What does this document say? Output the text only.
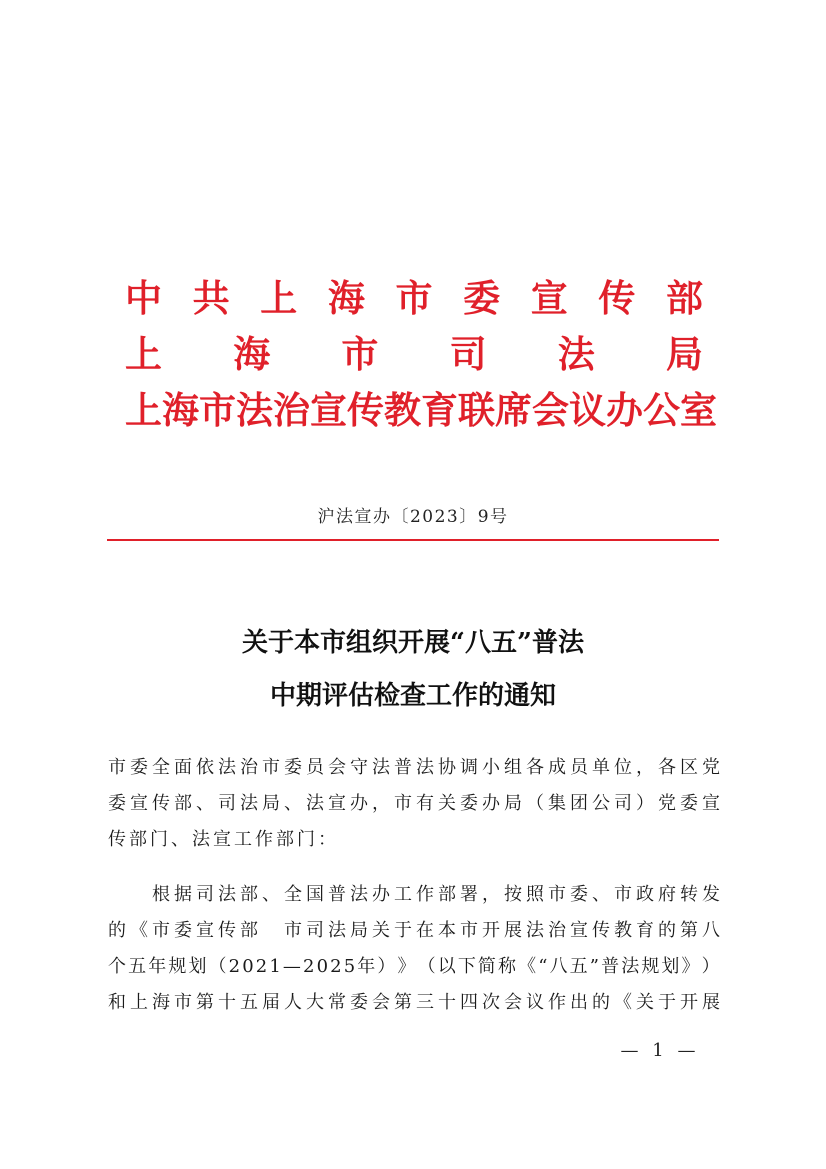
中 共 上 海 市 委 宣 传 部
上 海 市 司 法 局
上 海 市 法 治 宣 传 教 育 联 席 会 议 办 公 室
沪法宣办〔2023〕9号
关于本市组织开展“八五”普法
中期评估检查工作的通知
市 委 全 面 依 法 治 市 委 员 会 守 法 普 法 协 调 小 组 各 成 员 单 位 ， 各 区 党
委 宣 传 部 、 司 法 局 、 法 宣 办 ， 市 有 关 委 办 局 （ 集 团 公 司 ） 党 委 宣
传部门、法宣工作部门：

根 据 司 法 部 、 全 国 普 法 办 工 作 部 署 ， 按 照 市 委 、 市 政 府 转 发
的 《 市 委 宣 传 部
　 市 司 法 局 关 于 在 本 市 开 展 法 治 宣 传 教 育 的 第 八
个 五 年 规 划 （ 2 0 2 1 — 2 0 2 5 年 ） 》 （ 以 下 简 称 《 “ 八 五 ” 普 法 规 划 》 ）
和 上 海 市 第 十 五 届 人 大 常 委 会 第 三 十 四 次 会 议 作 出 的 《 关 于 开 展
— 1 —
